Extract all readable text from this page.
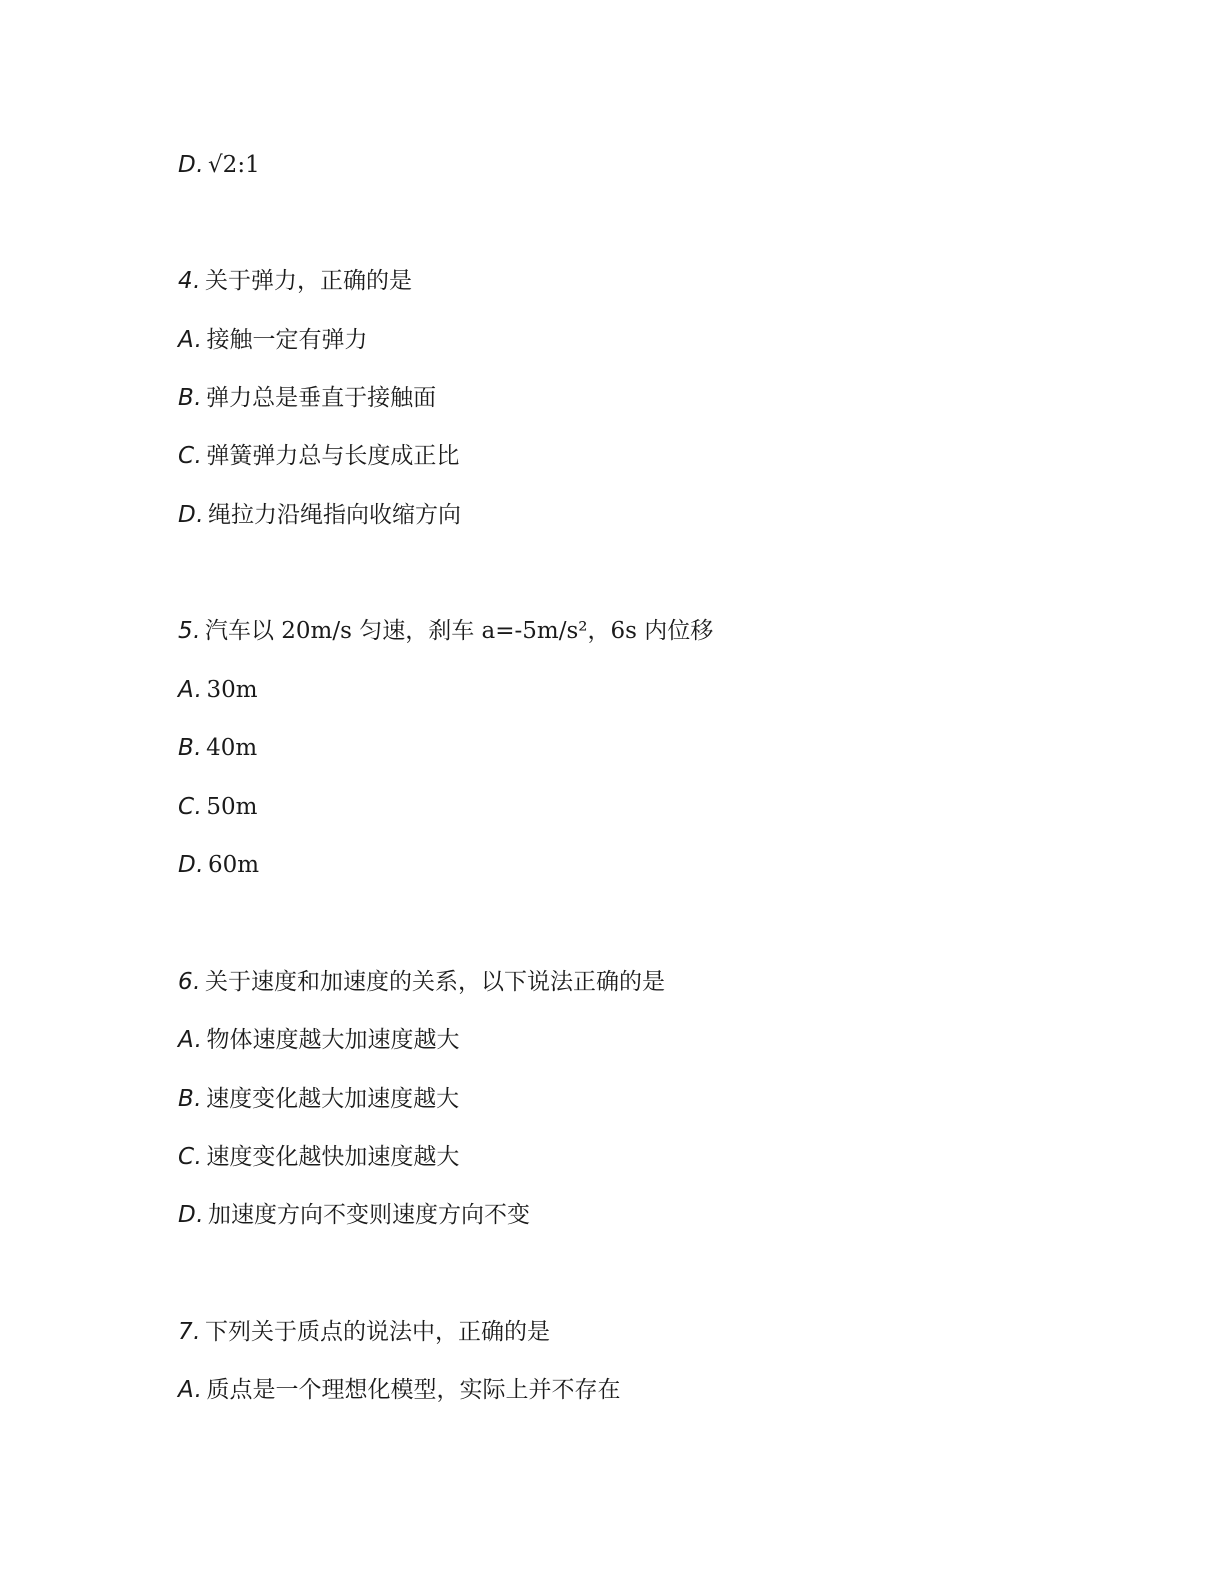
D. √2:1
4. 关于弹力，正确的是
A. 接触一定有弹力
B. 弹力总是垂直于接触面
C. 弹簧弹力总与长度成正比
D. 绳拉力沿绳指向收缩方向
5. 汽车以 20m/s 匀速，刹车 a=-5m/s²，6s 内位移
A. 30m
B. 40m
C. 50m
D. 60m
6. 关于速度和加速度的关系，以下说法正确的是
A. 物体速度越大加速度越大
B. 速度变化越大加速度越大
C. 速度变化越快加速度越大
D. 加速度方向不变则速度方向不变
7. 下列关于质点的说法中，正确的是
A. 质点是一个理想化模型，实际上并不存在
